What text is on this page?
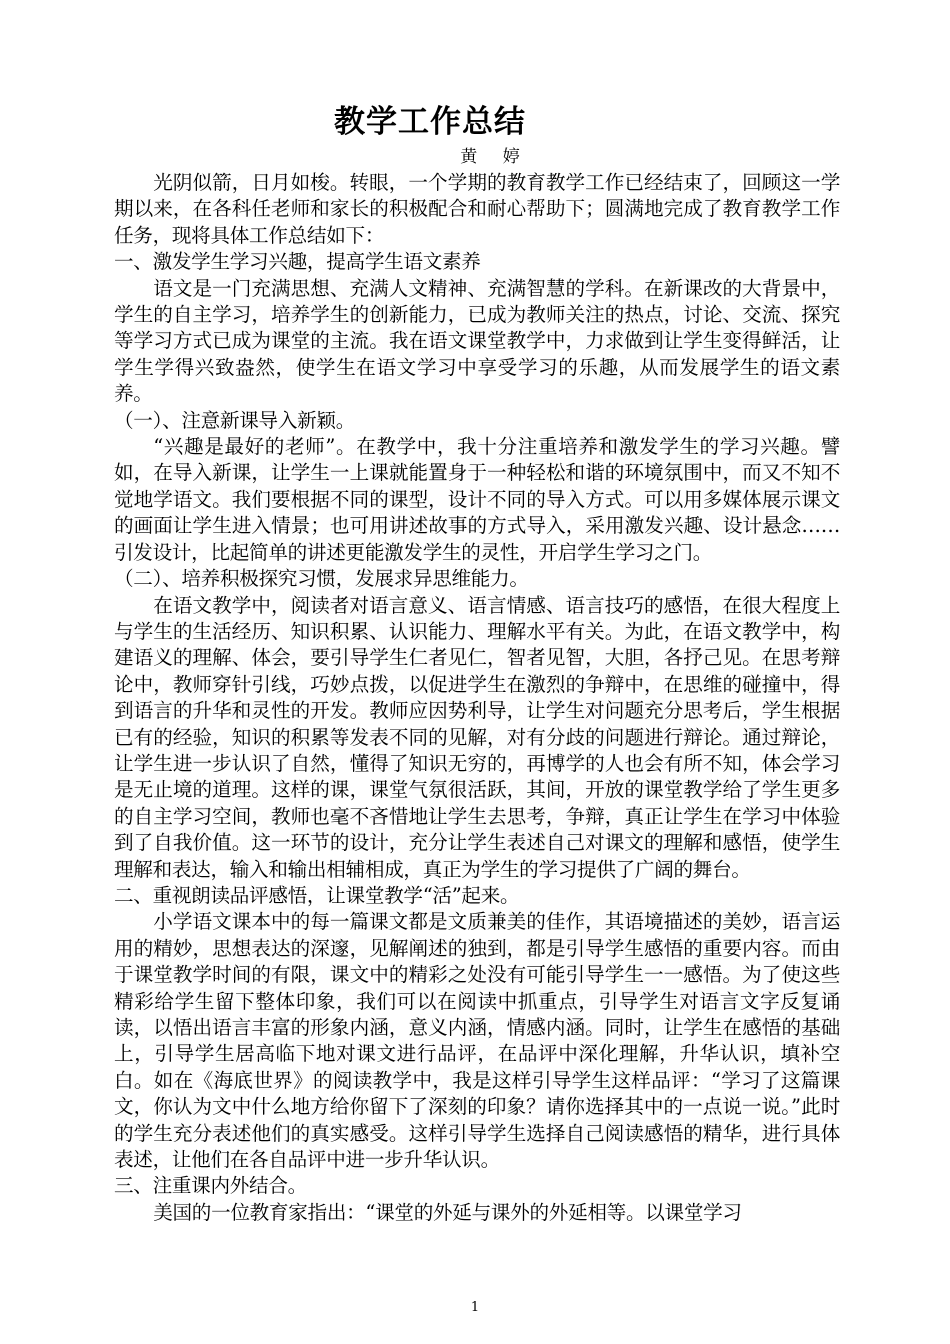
教学工作总结
黄 婷

光阴似箭，日月如梭。转眼，一个学期的教育教学工作已经结束了，回顾这一学期以来，在各科任老师和家长的积极配合和耐心帮助下；圆满地完成了教育教学工作任务，现将具体工作总结如下：

一、激发学生学习兴趣，提高学生语文素养

语文是一门充满思想、充满人文精神、充满智慧的学科。在新课改的大背景中，学生的自主学习，培养学生的创新能力，已成为教师关注的热点，讨论、交流、探究等学习方式已成为课堂的主流。我在语文课堂教学中，力求做到让学生变得鲜活，让学生学得兴致盎然，使学生在语文学习中享受学习的乐趣，从而发展学生的语文素养。

（一）、注意新课导入新颖。

“兴趣是最好的老师”。在教学中，我十分注重培养和激发学生的学习兴趣。譬如，在导入新课，让学生一上课就能置身于一种轻松和谐的环境氛围中，而又不知不觉地学语文。我们要根据不同的课型，设计不同的导入方式。可以用多媒体展示课文的画面让学生进入情景；也可用讲述故事的方式导入，采用激发兴趣、设计悬念……引发设计，比起简单的讲述更能激发学生的灵性，开启学生学习之门。

（二）、培养积极探究习惯，发展求异思维能力。

在语文教学中，阅读者对语言意义、语言情感、语言技巧的感悟，在很大程度上与学生的生活经历、知识积累、认识能力、理解水平有关。为此，在语文教学中，构建语义的理解、体会，要引导学生仁者见仁，智者见智，大胆，各抒己见。在思考辩论中，教师穿针引线，巧妙点拨，以促进学生在激烈的争辩中，在思维的碰撞中，得到语言的升华和灵性的开发。教师应因势利导，让学生对问题充分思考后，学生根据已有的经验，知识的积累等发表不同的见解，对有分歧的问题进行辩论。通过辩论，让学生进一步认识了自然，懂得了知识无穷的，再博学的人也会有所不知，体会学习是无止境的道理。这样的课，课堂气氛很活跃，其间，开放的课堂教学给了学生更多的自主学习空间，教师也毫不吝惜地让学生去思考，争辩，真正让学生在学习中体验到了自我价值。这一环节的设计，充分让学生表述自己对课文的理解和感悟，使学生理解和表达，输入和输出相辅相成，真正为学生的学习提供了广阔的舞台。

二、重视朗读品评感悟，让课堂教学“活”起来。

小学语文课本中的每一篇课文都是文质兼美的佳作，其语境描述的美妙，语言运用的精妙，思想表达的深邃，见解阐述的独到，都是引导学生感悟的重要内容。而由于课堂教学时间的有限，课文中的精彩之处没有可能引导学生一一感悟。为了使这些精彩给学生留下整体印象，我们可以在阅读中抓重点，引导学生对语言文字反复诵读，以悟出语言丰富的形象内涵，意义内涵，情感内涵。同时，让学生在感悟的基础上，引导学生居高临下地对课文进行品评，在品评中深化理解，升华认识，填补空白。如在《海底世界》的阅读教学中，我是这样引导学生这样品评：“学习了这篇课文，你认为文中什么地方给你留下了深刻的印象？请你选择其中的一点说一说。”此时的学生充分表述他们的真实感受。这样引导学生选择自己阅读感悟的精华，进行具体表述，让他们在各自品评中进一步升华认识。

三、注重课内外结合。

美国的一位教育家指出：“课堂的外延与课外的外延相等。以课堂学习

1
